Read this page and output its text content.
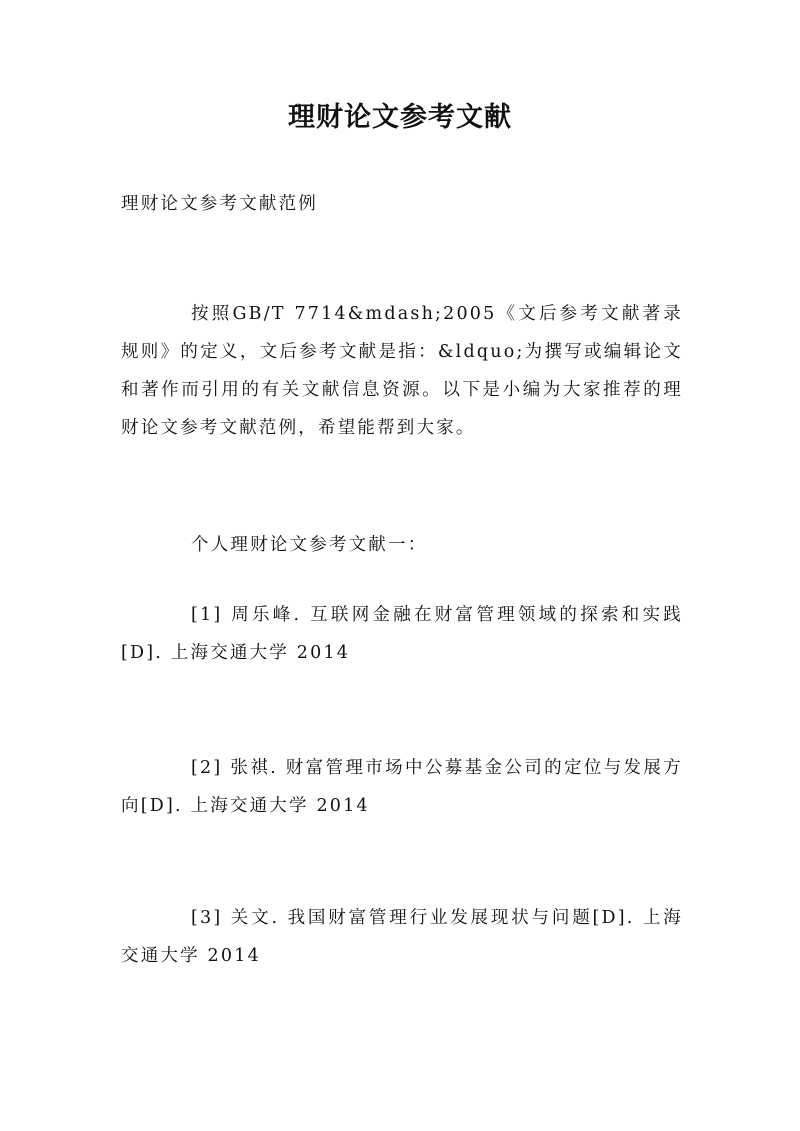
理财论文参考文献

理财论文参考文献范例

按照GB/T 7714&mdash;2005《文后参考文献著录规则》的定义，文后参考文献是指：&ldquo;为撰写或编辑论文和著作而引用的有关文献信息资源。以下是小编为大家推荐的理财论文参考文献范例，希望能帮到大家。

个人理财论文参考文献一：

[1] 周乐峰. 互联网金融在财富管理领域的探索和实践[D]. 上海交通大学 2014

[2] 张祺. 财富管理市场中公募基金公司的定位与发展方向[D]. 上海交通大学 2014

[3] 关文. 我国财富管理行业发展现状与问题[D]. 上海交通大学 2014
